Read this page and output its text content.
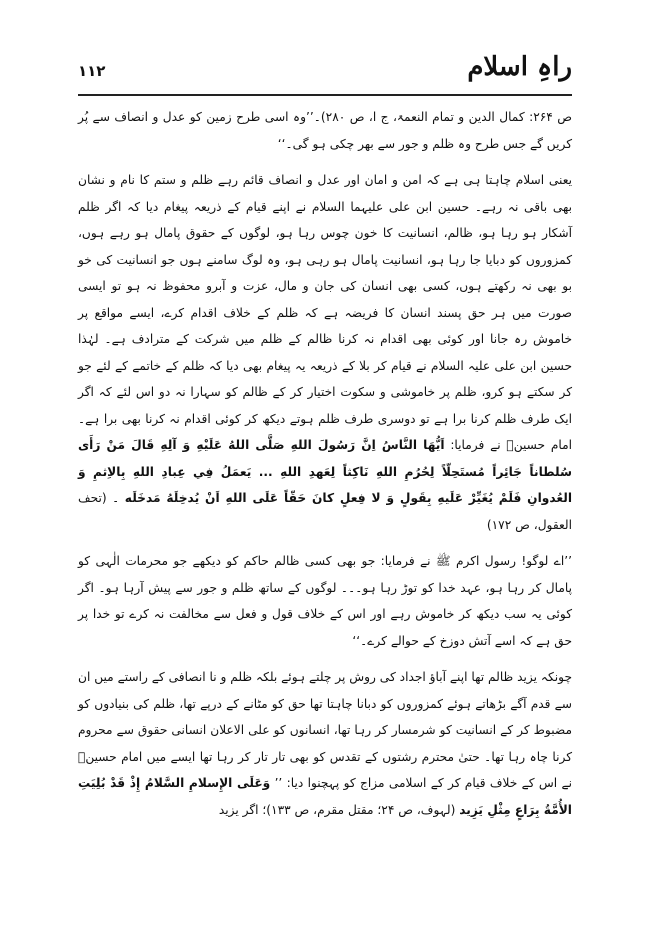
راہِ اسلام
۱۱۲

ص ۲۶۴: کمال الدین و تمام النعمۃ، ج ا، ص ۲۸۰)۔’’وہ اسی طرح زمین کو عدل و انصاف سے پُر کریں گے جس طرح وہ ظلم و جور سے بھر چکی ہو گی۔‘‘

یعنی اسلام چاہتا ہی ہے کہ امن و امان اور عدل و انصاف قائم رہے ظلم و ستم کا نام و نشان بھی باقی نہ رہے۔ حسین ابن علی علیہما السلام نے اپنے قیام کے ذریعہ پیغام دیا کہ اگر ظلم آشکار ہو رہا ہو، ظالم، انسانیت کا خون چوس رہا ہو، لوگوں کے حقوق پامال ہو رہے ہوں، کمزوروں کو دبایا جا رہا ہو، انسانیت پامال ہو رہی ہو، وہ لوگ سامنے ہوں جو انسانیت کی خو بو بھی نہ رکھتے ہوں، کسی بھی انسان کی جان و مال، عزت و آبرو محفوظ نہ ہو تو ایسی صورت میں ہر حق پسند انسان کا فریضہ ہے کہ ظلم کے خلاف اقدام کرے، ایسے مواقع پر خاموش رہ جانا اور کوئی بھی اقدام نہ کرنا ظالم کے ظلم میں شرکت کے مترادف ہے۔ لہٰذا حسین ابن علی علیہ السلام نے قیام کر بلا کے ذریعہ یہ پیغام بھی دیا کہ ظلم کے خاتمے کے لئے جو کر سکتے ہو کرو، ظلم پر خاموشی و سکوت اختیار کر کے ظالم کو سہارا نہ دو اس لئے کہ اگر ایک طرف ظلم کرنا برا ہے تو دوسری طرف ظلم ہوتے دیکھ کر کوئی اقدام نہ کرنا بھی برا ہے۔ امام حسینؑ نے فرمایا: اَيُّهَا النَّاسُ اِنَّ رَسُولَ اللهِ صَلَّى اللهُ عَلَيْهِ وَ آلِهِ قَالَ مَنْ رَأَى سُلطاناً جَائِراً مُستَحِلّاً لِحُرُمِ اللهِ نَاكِثاً لِعَهدِ اللهِ ... يَعمَلُ فِي عِبادِ اللهِ بِالاِثمِ وَ العُدوانِ فَلَمْ يُغَيِّرْ عَلَيهِ بِقَولٍ وَ لا فِعلٍ كانَ حَقّاً عَلَى اللهِ اَنْ يُدخِلَهُ مَدخَلَه ۔ (تحف العقول، ص ۱۷۲)

’’اے لوگو! رسول اکرم ﷺ نے فرمایا: جو بھی کسی ظالم حاکم کو دیکھے جو محرمات الٰہی کو پامال کر رہا ہو، عہد خدا کو توڑ رہا ہو۔۔۔ لوگوں کے ساتھ ظلم و جور سے پیش آرہا ہو۔ اگر کوئی یہ سب دیکھ کر خاموش رہے اور اس کے خلاف قول و فعل سے مخالفت نہ کرے تو خدا پر حق ہے کہ اسے آتش دوزخ کے حوالے کرے۔‘‘

چونکہ یزید ظالم تھا اپنے آباؤ اجداد کی روش پر چلتے ہوئے بلکہ ظلم و نا انصافی کے راستے میں ان سے قدم آگے بڑھاتے ہوئے کمزوروں کو دبانا چاہتا تھا حق کو مٹانے کے درپے تھا، ظلم کی بنیادوں کو مضبوط کر کے انسانیت کو شرمسار کر رہا تھا، انسانوں کو علی الاعلان انسانی حقوق سے محروم کرنا چاہ رہا تھا۔ حتیٰ محترم رشتوں کے تقدس کو بھی تار تار کر رہا تھا ایسے میں امام حسینؑ نے اس کے خلاف قیام کر کے اسلامی مزاج کو پہچنوا دیا: ’’ وَعَلَى الإِسلامِ السَّلامُ إِذْ قَدْ بُلِيَتِ الأُمَّةُ بِرَاعٍ مِثْلِ يَزِيد (لہوف، ص ۲۴؛ مقتل مقرم، ص ۱۳۳)؛ اگر یزید
